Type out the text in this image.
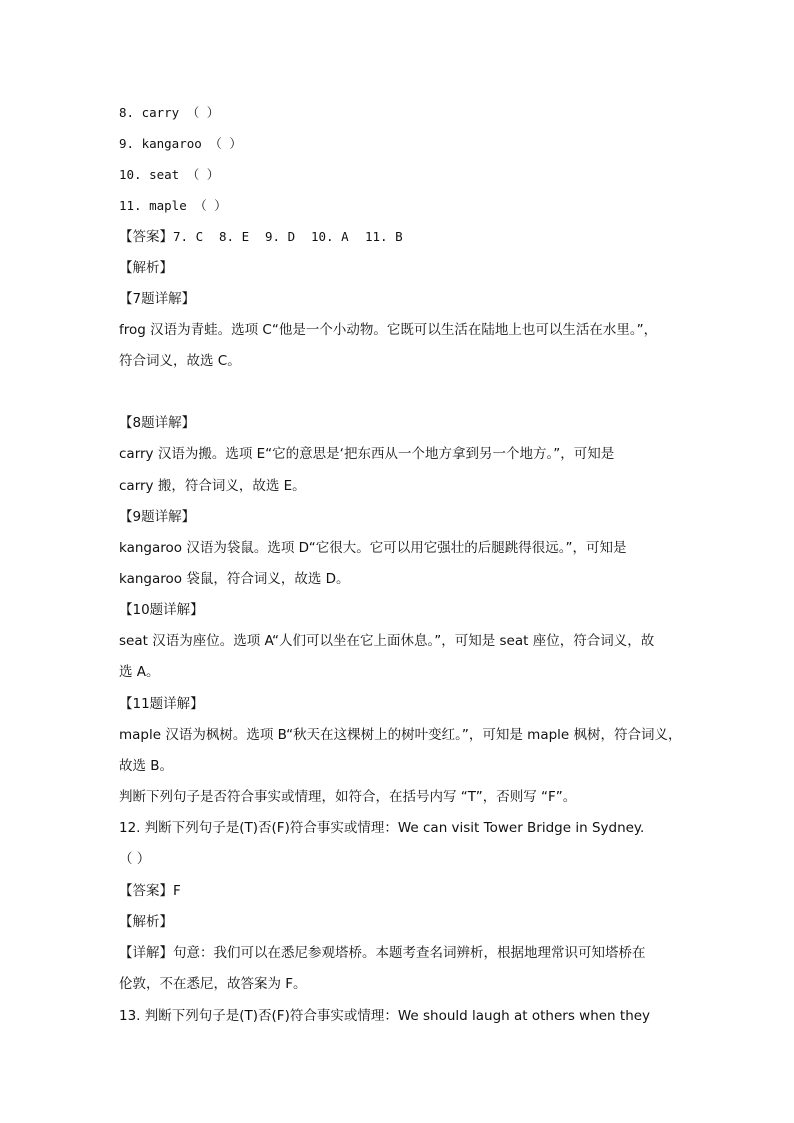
8. carry （ ）
9. kangaroo （ ）
10. seat （ ）
11. maple （ ）
【答案】7. C 8. E 9. D 10. A 11. B
【解析】
【7题详解】
frog 汉语为青蛙。选项 C“他是一个小动物。它既可以生活在陆地上也可以生活在水里。”，
符合词义，故选 C。
【8题详解】
carry 汉语为搬。选项 E“它的意思是‘把东西从一个地方拿到另一个地方。”，可知是
carry 搬，符合词义，故选 E。
【9题详解】
kangaroo 汉语为袋鼠。选项 D“它很大。它可以用它强壮的后腿跳得很远。”，可知是
kangaroo 袋鼠，符合词义，故选 D。
【10题详解】
seat 汉语为座位。选项 A“人们可以坐在它上面休息。”，可知是 seat 座位，符合词义，故
选 A。
【11题详解】
maple 汉语为枫树。选项 B“秋天在这棵树上的树叶变红。”，可知是 maple 枫树，符合词义，
故选 B。
判断下列句子是否符合事实或情理，如符合，在括号内写 “T”，否则写 “F”。
12. 判断下列句子是(T)否(F)符合事实或情理：We can visit Tower Bridge in Sydney.
（ ）
【答案】F
【解析】
【详解】句意：我们可以在悉尼参观塔桥。本题考查名词辨析，根据地理常识可知塔桥在
伦敦，不在悉尼，故答案为 F。
13. 判断下列句子是(T)否(F)符合事实或情理：We should laugh at others when they
